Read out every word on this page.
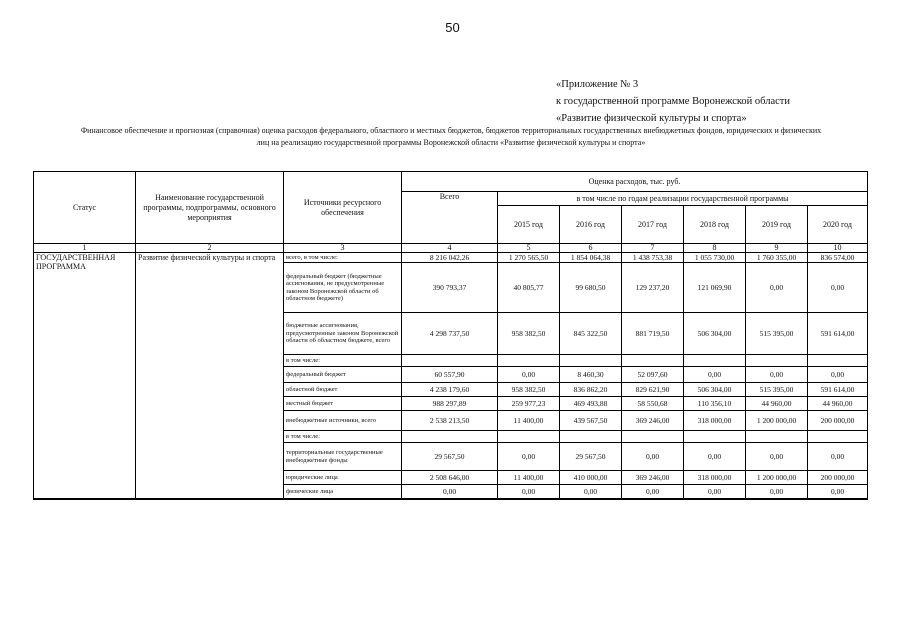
50
«Приложение № 3
к государственной программе Воронежской области
«Развитие физической культуры и спорта»
Финансовое обеспечение и прогнозная (справочная) оценка расходов федерального, областного и местных бюджетов, бюджетов территориальных государственных внебюджетных фондов, юридических и физических
лиц на реализацию государственной программы Воронежской области «Развитие физической культуры и спорта»
Статус	Наименование государственной программы, подпрограммы, основного мероприятия	Источники ресурсного обеспечения	Оценка расходов, тыс. руб.						
			Всего	в том числе по годам реализации государственной программы					
				2015 год	2016 год	2017 год	2018 год	2019 год	2020 год
1	2	3	4	5	6	7	8	9	10
ГОСУДАРСТВЕННАЯ ПРОГРАММА	Развитие физической культуры и спорта	всего, в том числе:	8 216 042,26	1 270 565,50	1 854 064,38	1 438 753,38	1 055 730,00	1 760 355,00	836 574,00
		федеральный бюджет (бюджетные ассигнования, не предусмотренные законом Воронежской области об областном бюджете)	390 793,37	40 805,77	99 680,50	129 237,20	121 069,90	0,00	0,00
		бюджетные ассигнования, предусмотренные законом Воронежской области об областном бюджете, всего	4 298 737,50	958 382,50	845 322,50	881 719,50	506 304,00	515 395,00	591 614,00
		в том числе:							
		федеральный бюджет	60 557,90	0,00	8 460,30	52 097,60	0,00	0,00	0,00
		областной бюджет	4 238 179,60	958 382,50	836 862,20	829 621,90	506 304,00	515 395,00	591 614,00
		местный бюджет	988 297,89	259 977,23	469 493,88	58 550,68	110 356,10	44 960,00	44 960,00
		внебюджетные источники, всего	2 538 213,50	11 400,00	439 567,50	369 246,00	318 000,00	1 200 000,00	200 000,00
		в том числе:							
		территориальные государственные внебюджетные фонды	29 567,50	0,00	29 567,50	0,00	0,00	0,00	0,00
		юридические лица	2 508 646,00	11 400,00	410 000,00	369 246,00	318 000,00	1 200 000,00	200 000,00
		физические лица	0,00	0,00	0,00	0,00	0,00	0,00	0,00
